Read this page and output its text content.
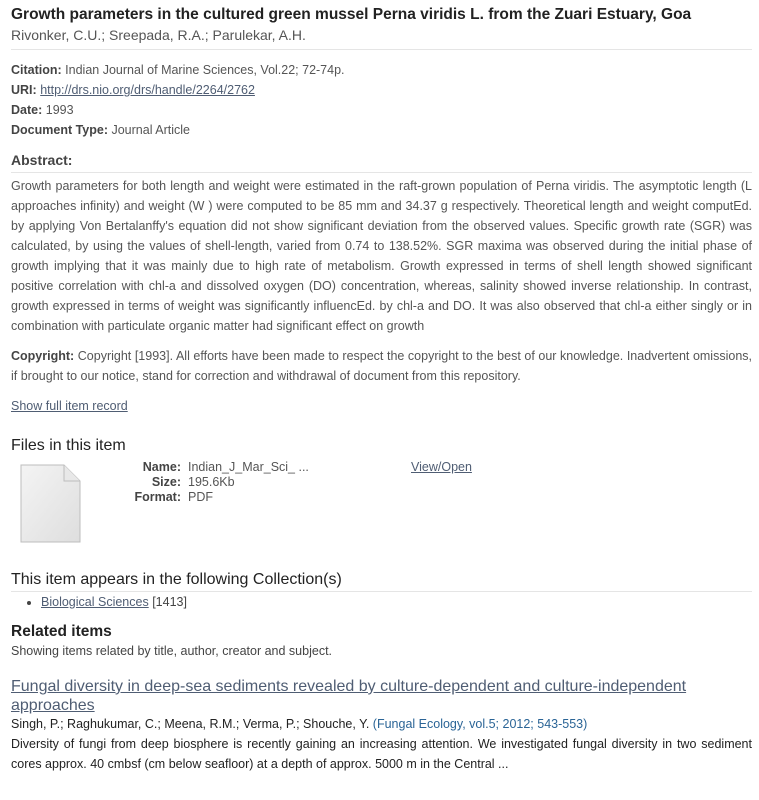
Growth parameters in the cultured green mussel Perna viridis L. from the Zuari Estuary, Goa
Rivonker, C.U.; Sreepada, R.A.; Parulekar, A.H.
Citation: Indian Journal of Marine Sciences, Vol.22; 72-74p.
URI: http://drs.nio.org/drs/handle/2264/2762
Date: 1993
Document Type: Journal Article
Abstract:
Growth parameters for both length and weight were estimated in the raft-grown population of Perna viridis. The asymptotic length (L approaches infinity) and weight (W ) were computed to be 85 mm and 34.37 g respectively. Theoretical length and weight computEd. by applying Von Bertalanffy's equation did not show significant deviation from the observed values. Specific growth rate (SGR) was calculated, by using the values of shell-length, varied from 0.74 to 138.52%. SGR maxima was observed during the initial phase of growth implying that it was mainly due to high rate of metabolism. Growth expressed in terms of shell length showed significant positive correlation with chl-a and dissolved oxygen (DO) concentration, whereas, salinity showed inverse relationship. In contrast, growth expressed in terms of weight was significantly influencEd. by chl-a and DO. It was also observed that chl-a either singly or in combination with particulate organic matter had significant effect on growth
Copyright: Copyright [1993]. All efforts have been made to respect the copyright to the best of our knowledge. Inadvertent omissions, if brought to our notice, stand for correction and withdrawal of document from this repository.
Show full item record
Files in this item
Name: Indian_J_Mar_Sci_ ...
Size: 195.6Kb
Format: PDF
View/Open
This item appears in the following Collection(s)
• Biological Sciences [1413]
Related items
Showing items related by title, author, creator and subject.
Fungal diversity in deep-sea sediments revealed by culture-dependent and culture-independent approaches
Singh, P.; Raghukumar, C.; Meena, R.M.; Verma, P.; Shouche, Y. (Fungal Ecology, vol.5; 2012; 543-553)
Diversity of fungi from deep biosphere is recently gaining an increasing attention. We investigated fungal diversity in two sediment cores approx. 40 cmbsf (cm below seafloor) at a depth of approx. 5000 m in the Central ...
